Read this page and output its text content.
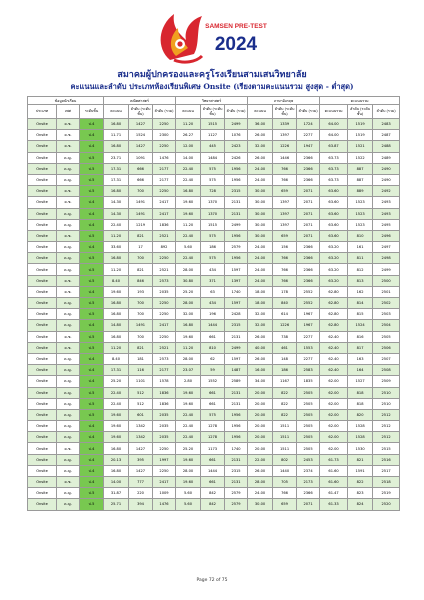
SAMSEN PRE-TEST
2024
สมาคมผู้ปกครองและครูโรงเรียนสามเสนวิทยาลัย
คะแนนและลำดับ ประเภทห้องเรียนพิเศษ Onsite (เรียงตามคะแนนรวม สูงสุด - ต่ำสุด)
ข้อมูลนักเรียน			คณิตศาสตร์			วิทยาศาสตร์			ภาษาอังกฤษ			คะแนนรวม		
ประเภท	เพศ	ระดับชั้น	คะแนน	ลำดับ (ระดับชั้น)	ลำดับ (รวม)	คะแนน	ลำดับ (ระดับชั้น)	ลำดับ (รวม)	คะแนน	ลำดับ (ระดับชั้น)	ลำดับ (รวม)	คะแนนรวม	ลำดับ (ระดับชั้น)	ลำดับ (รวม)
Onsite	ด.ช.	ป.4	16.80	1427	2250	11.20	1515	2499	36.00	1339	1724	64.00	1519	2483
Onsite	ด.ช.	ป.4	11.71	1524	2300	26.27	1127	1076	26.00	1397	2277	64.00	1519	2487
Onsite	ด.ช.	ป.4	16.80	1427	2250	12.00	445	2423	32.00	1226	1947	63.87	1521	2488
Onsite	ด.ญ.	ป.5	23.71	1091	1476	14.00	1484	2426	26.00	1446	2366	63.73	1522	2489
Onsite	ด.ญ.	ป.5	17.31	666	2177	22.40	575	1956	24.00	766	2366	63.73	887	2490
Onsite	ด.ญ.	ป.5	17.31	666	2177	22.40	575	1956	24.00	766	2366	63.73	887	2490
Onsite	ด.ช.	ป.5	16.80	700	2250	16.80	728	2315	30.00	659	2071	63.60	889	2492
Onsite	ด.ช.	ป.4	14.30	1491	2417	19.60	1370	2131	30.00	1397	2071	63.60	1523	2493
Onsite	ด.ญ.	ป.4	14.30	1491	2417	19.60	1370	2131	30.00	1397	2071	63.60	1523	2493
Onsite	ด.ญ.	ป.4	22.40	1219	1836	11.20	1515	2499	30.00	1397	2071	63.60	1523	2495
Onsite	ด.ช.	ป.5	11.20	821	2521	22.40	575	1956	30.00	659	2071	63.60	810	2496
Onsite	ด.ญ.	ป.4	33.60	17	892	5.60	186	2579	24.00	156	2366	63.20	161	2497
Onsite	ด.ญ.	ป.5	16.80	700	2250	22.40	575	1956	24.00	766	2366	63.20	811	2498
Onsite	ด.ญ.	ป.5	11.20	821	2521	28.00	434	1597	24.00	766	2366	63.20	812	2499
Onsite	ด.ช.	ป.5	8.40	846	2573	30.80	371	1397	24.00	766	2366	63.20	813	2500
Onsite	ด.ช.	ป.4	19.60	193	2035	25.20	63	1740	18.00	178	2552	62.80	162	2501
Onsite	ด.ญ.	ป.5	16.80	700	2250	28.00	434	1597	18.00	840	2552	62.80	814	2502
Onsite	ด.ญ.	ป.5	16.80	700	2250	32.00	196	2428	32.00	614	1967	62.80	815	2503
Onsite	ด.ญ.	ป.4	14.80	1491	2417	16.80	1444	2315	32.00	1226	1967	62.80	1524	2504
Onsite	ด.ช.	ป.5	16.80	700	2250	19.60	661	2131	26.00	738	2277	62.40	816	2505
Onsite	ด.ช.	ป.5	11.20	821	2521	11.20	810	2499	40.00	461	1553	62.40	817	2506
Onsite	ด.ญ.	ป.4	8.40	181	2573	28.00	62	1597	26.00	148	2277	62.40	163	2507
Onsite	ด.ญ.	ป.4	17.31	116	2177	23.07	59	1487	16.00	186	2583	62.40	164	2508
Onsite	ด.ญ.	ป.4	25.20	1101	1578	2.80	1552	2589	34.00	1167	1835	62.00	1527	2509
Onsite	ด.ญ.	ป.5	22.40	512	1836	19.60	661	2131	20.00	822	2505	62.00	818	2510
Onsite	ด.ญ.	ป.5	22.40	512	1836	19.60	661	2131	20.00	822	2505	62.00	818	2510
Onsite	ด.ญ.	ป.5	19.60	601	2035	22.40	575	1956	20.00	822	2505	62.00	820	2512
Onsite	ด.ญ.	ป.4	19.60	1342	2035	22.40	1278	1956	20.00	1511	2505	62.00	1528	2512
Onsite	ด.ญ.	ป.4	19.60	1342	2035	22.40	1278	1956	20.00	1511	2505	62.00	1528	2512
Onsite	ด.ช.	ป.4	16.80	1427	2250	25.20	1173	1740	20.00	1511	2505	62.00	1530	2515
Onsite	ด.ญ.	ป.4	20.13	395	1997	19.60	661	2131	22.00	802	2453	61.73	821	2516
Onsite	ด.ญ.	ป.4	16.80	1427	2250	28.00	1444	2315	26.00	1440	2374	61.60	1591	2517
Onsite	ด.ช.	ป.4	14.00	777	2417	19.60	661	2131	28.00	705	2173	61.60	822	2518
Onsite	ด.ญ.	ป.5	31.87	220	1009	5.60	842	2579	24.00	766	2366	61.47	823	2519
Onsite	ด.ญ.	ป.5	25.71	394	1476	5.60	842	2579	30.00	659	2071	61.33	824	2520
Page 72 of 75
